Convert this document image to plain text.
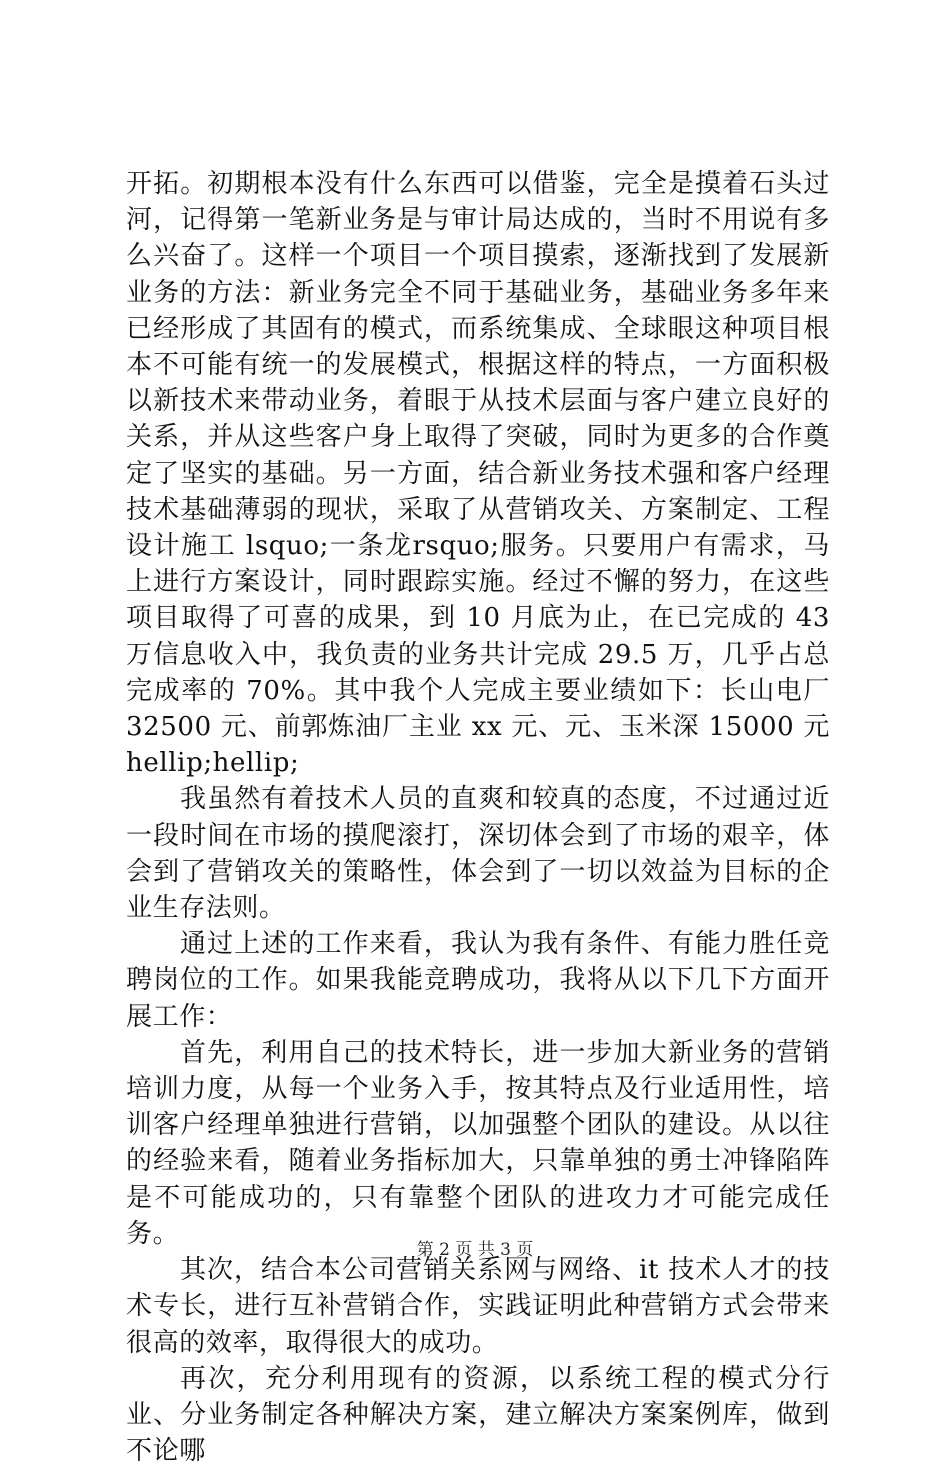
开拓。初期根本没有什么东西可以借鉴，完全是摸着石头过河，记得第一笔新业务是与审计局达成的，当时不用说有多么兴奋了。这样一个项目一个项目摸索，逐渐找到了发展新业务的方法：新业务完全不同于基础业务，基础业务多年来已经形成了其固有的模式，而系统集成、全球眼这种项目根本不可能有统一的发展模式，根据这样的特点，一方面积极以新技术来带动业务，着眼于从技术层面与客户建立良好的关系，并从这些客户身上取得了突破，同时为更多的合作奠定了坚实的基础。另一方面，结合新业务技术强和客户经理技术基础薄弱的现状，采取了从营销攻关、方案制定、工程设计施工 lsquo;一条龙rsquo;服务。只要用户有需求，马上进行方案设计，同时跟踪实施。经过不懈的努力，在这些项目取得了可喜的成果，到 10 月底为止，在已完成的 43 万信息收入中，我负责的业务共计完成 29.5 万，几乎占总完成率的 70%。其中我个人完成主要业绩如下：长山电厂 32500 元、前郭炼油厂主业 xx 元、元、玉米深 15000 元 hellip;hellip;

我虽然有着技术人员的直爽和较真的态度，不过通过近一段时间在市场的摸爬滚打，深切体会到了市场的艰辛，体会到了营销攻关的策略性，体会到了一切以效益为目标的企业生存法则。

通过上述的工作来看，我认为我有条件、有能力胜任竞聘岗位的工作。如果我能竞聘成功，我将从以下几下方面开展工作：

首先，利用自己的技术特长，进一步加大新业务的营销培训力度，从每一个业务入手，按其特点及行业适用性，培训客户经理单独进行营销，以加强整个团队的建设。从以往的经验来看，随着业务指标加大，只靠单独的勇士冲锋陷阵是不可能成功的，只有靠整个团队的进攻力才可能完成任务。

其次，结合本公司营销关系网与网络、it 技术人才的技术专长，进行互补营销合作，实践证明此种营销方式会带来很高的效率，取得很大的成功。

再次，充分利用现有的资源，以系统工程的模式分行业、分业务制定各种解决方案，建立解决方案案例库，做到不论哪

第 2 页 共 3 页
